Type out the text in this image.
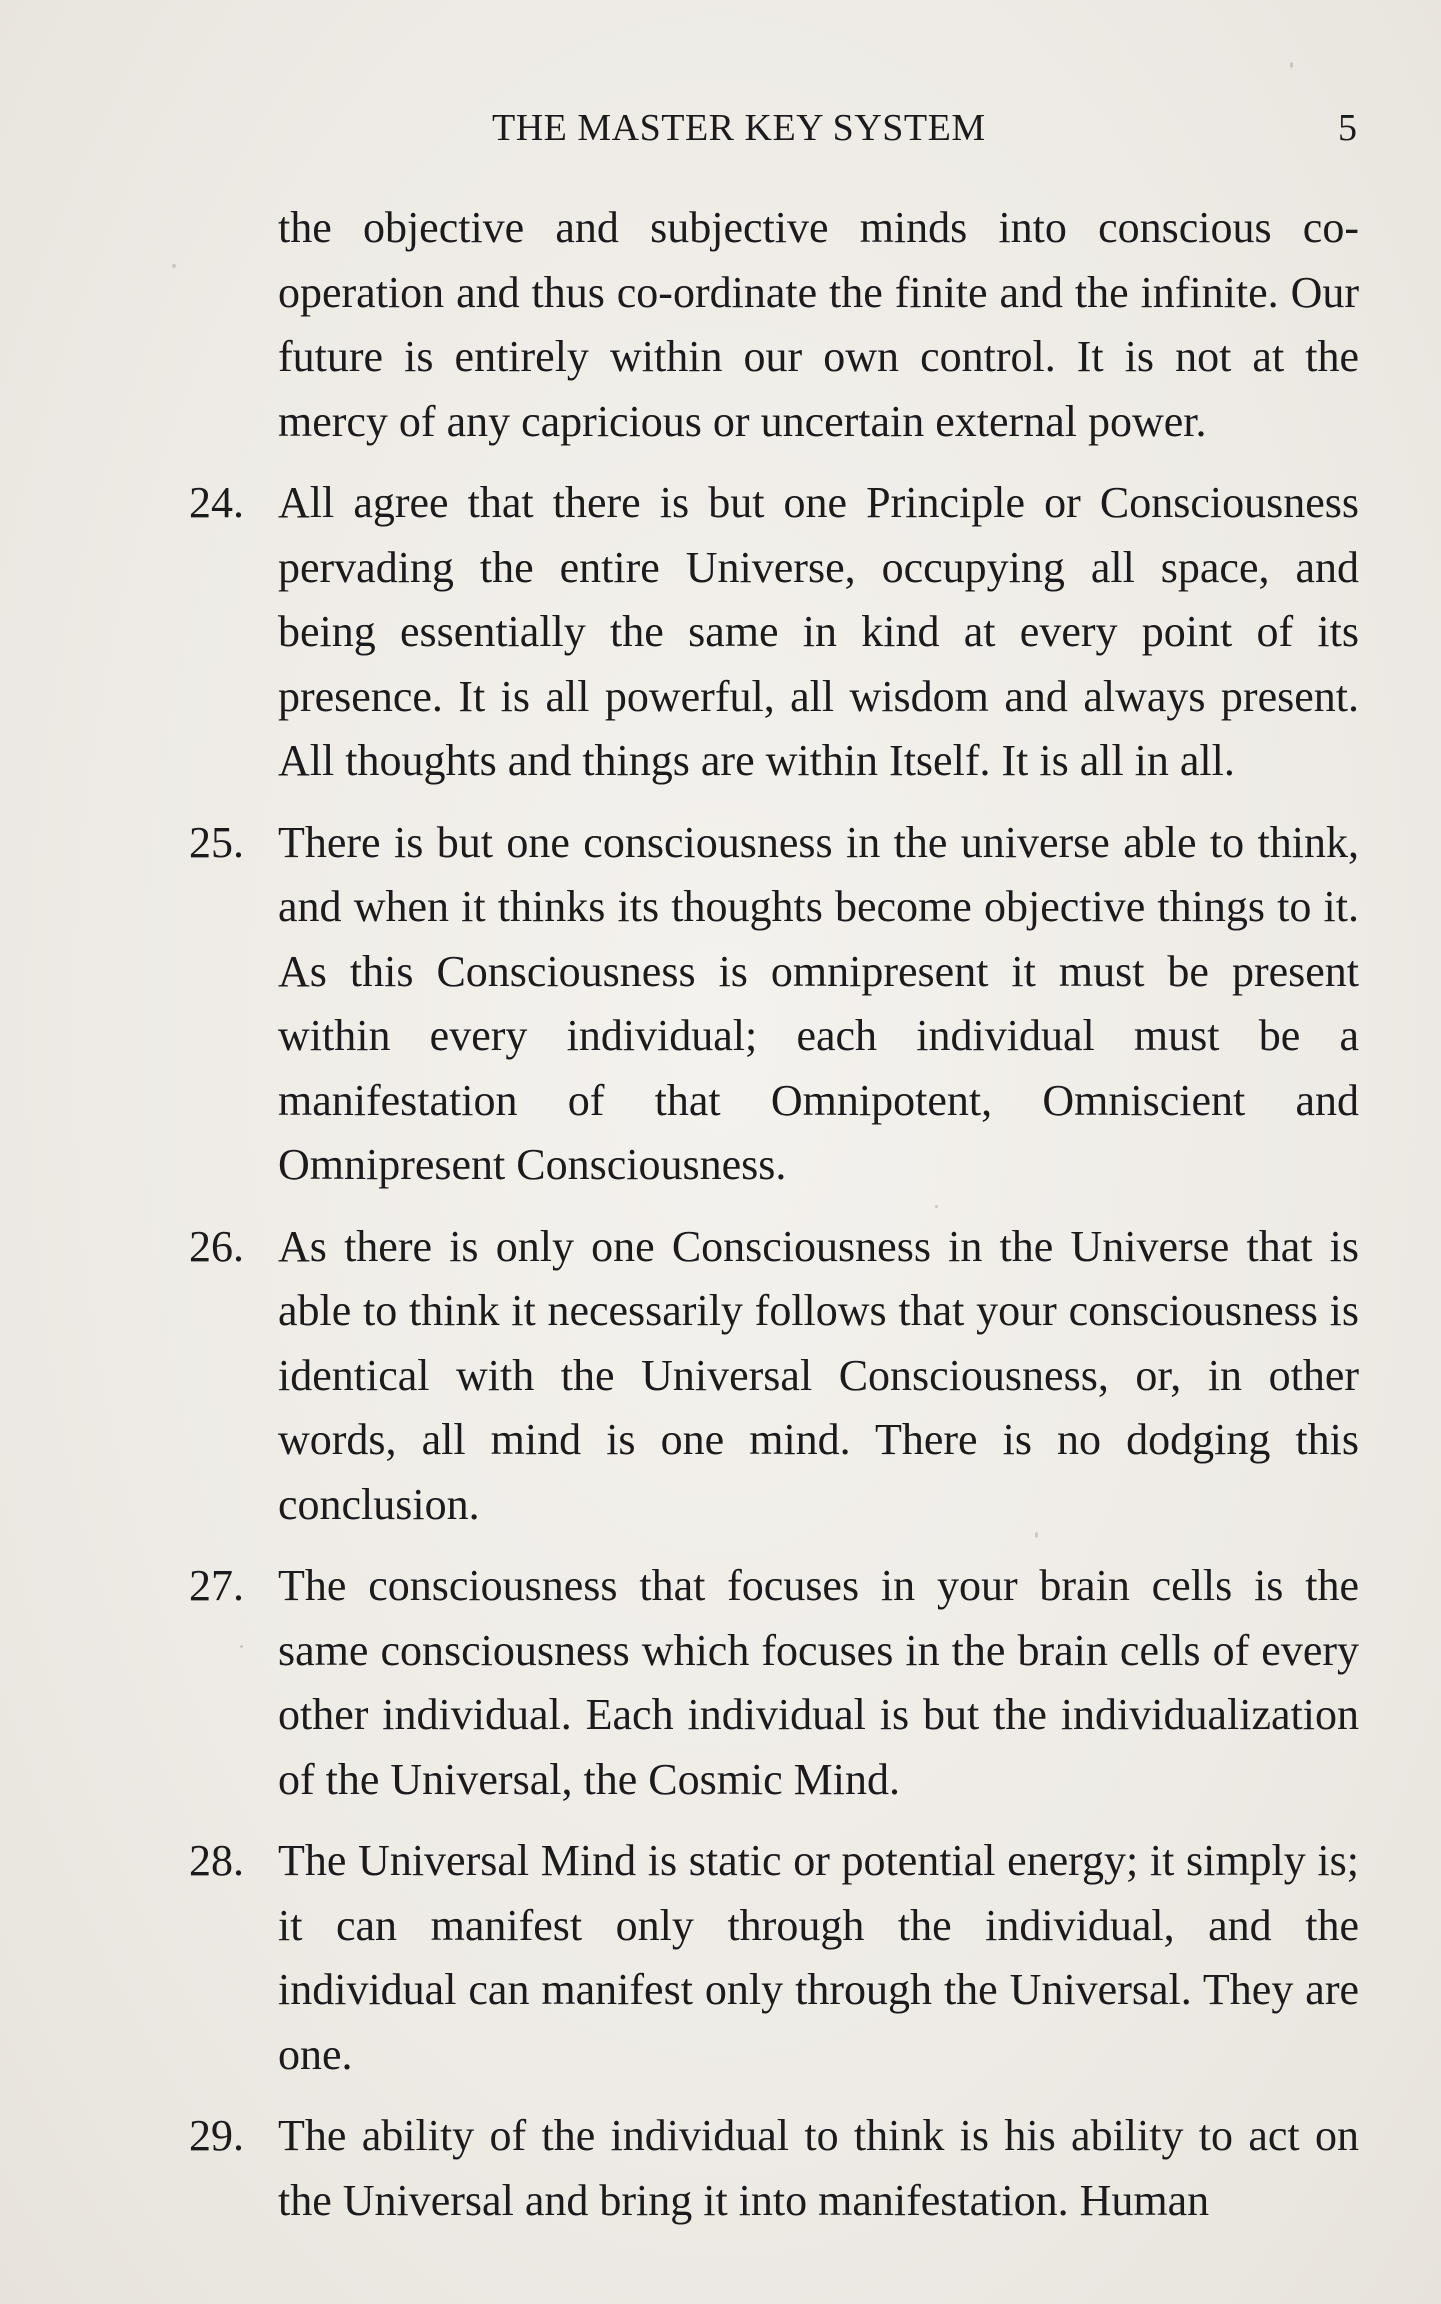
THE MASTER KEY SYSTEM	5
the objective and subjective minds into conscious co-operation and thus co-ordinate the finite and the infinite. Our future is entirely within our own control. It is not at the mercy of any capricious or uncertain external power.
24. All agree that there is but one Principle or Consciousness pervading the entire Universe, occupying all space, and being essentially the same in kind at every point of its presence. It is all powerful, all wisdom and always present. All thoughts and things are within Itself. It is all in all.
25. There is but one consciousness in the universe able to think, and when it thinks its thoughts become objective things to it. As this Consciousness is omnipresent it must be present within every individual; each individual must be a manifestation of that Omnipotent, Omniscient and Omnipresent Consciousness.
26. As there is only one Consciousness in the Universe that is able to think it necessarily follows that your consciousness is identical with the Universal Consciousness, or, in other words, all mind is one mind. There is no dodging this conclusion.
27. The consciousness that focuses in your brain cells is the same consciousness which focuses in the brain cells of every other individual. Each individual is but the individualization of the Universal, the Cosmic Mind.
28. The Universal Mind is static or potential energy; it simply is; it can manifest only through the individual, and the individual can manifest only through the Universal. They are one.
29. The ability of the individual to think is his ability to act on the Universal and bring it into manifestation. Human
